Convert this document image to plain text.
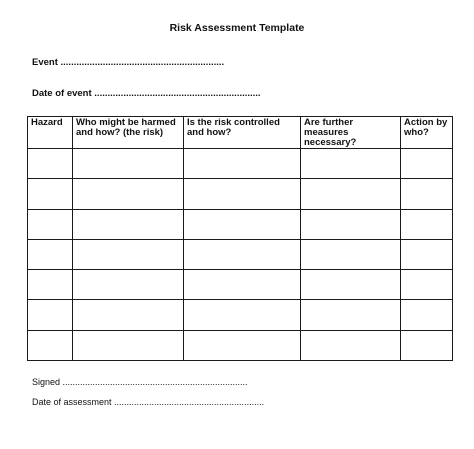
Risk Assessment Template
Event ..............................................................
Date of event ...............................................................
Hazard	Who might be harmed and how? (the risk)	Is the risk controlled and how?	Are further measures necessary?	Action by who?

Signed ..........................................................................
Date of assessment ............................................................
